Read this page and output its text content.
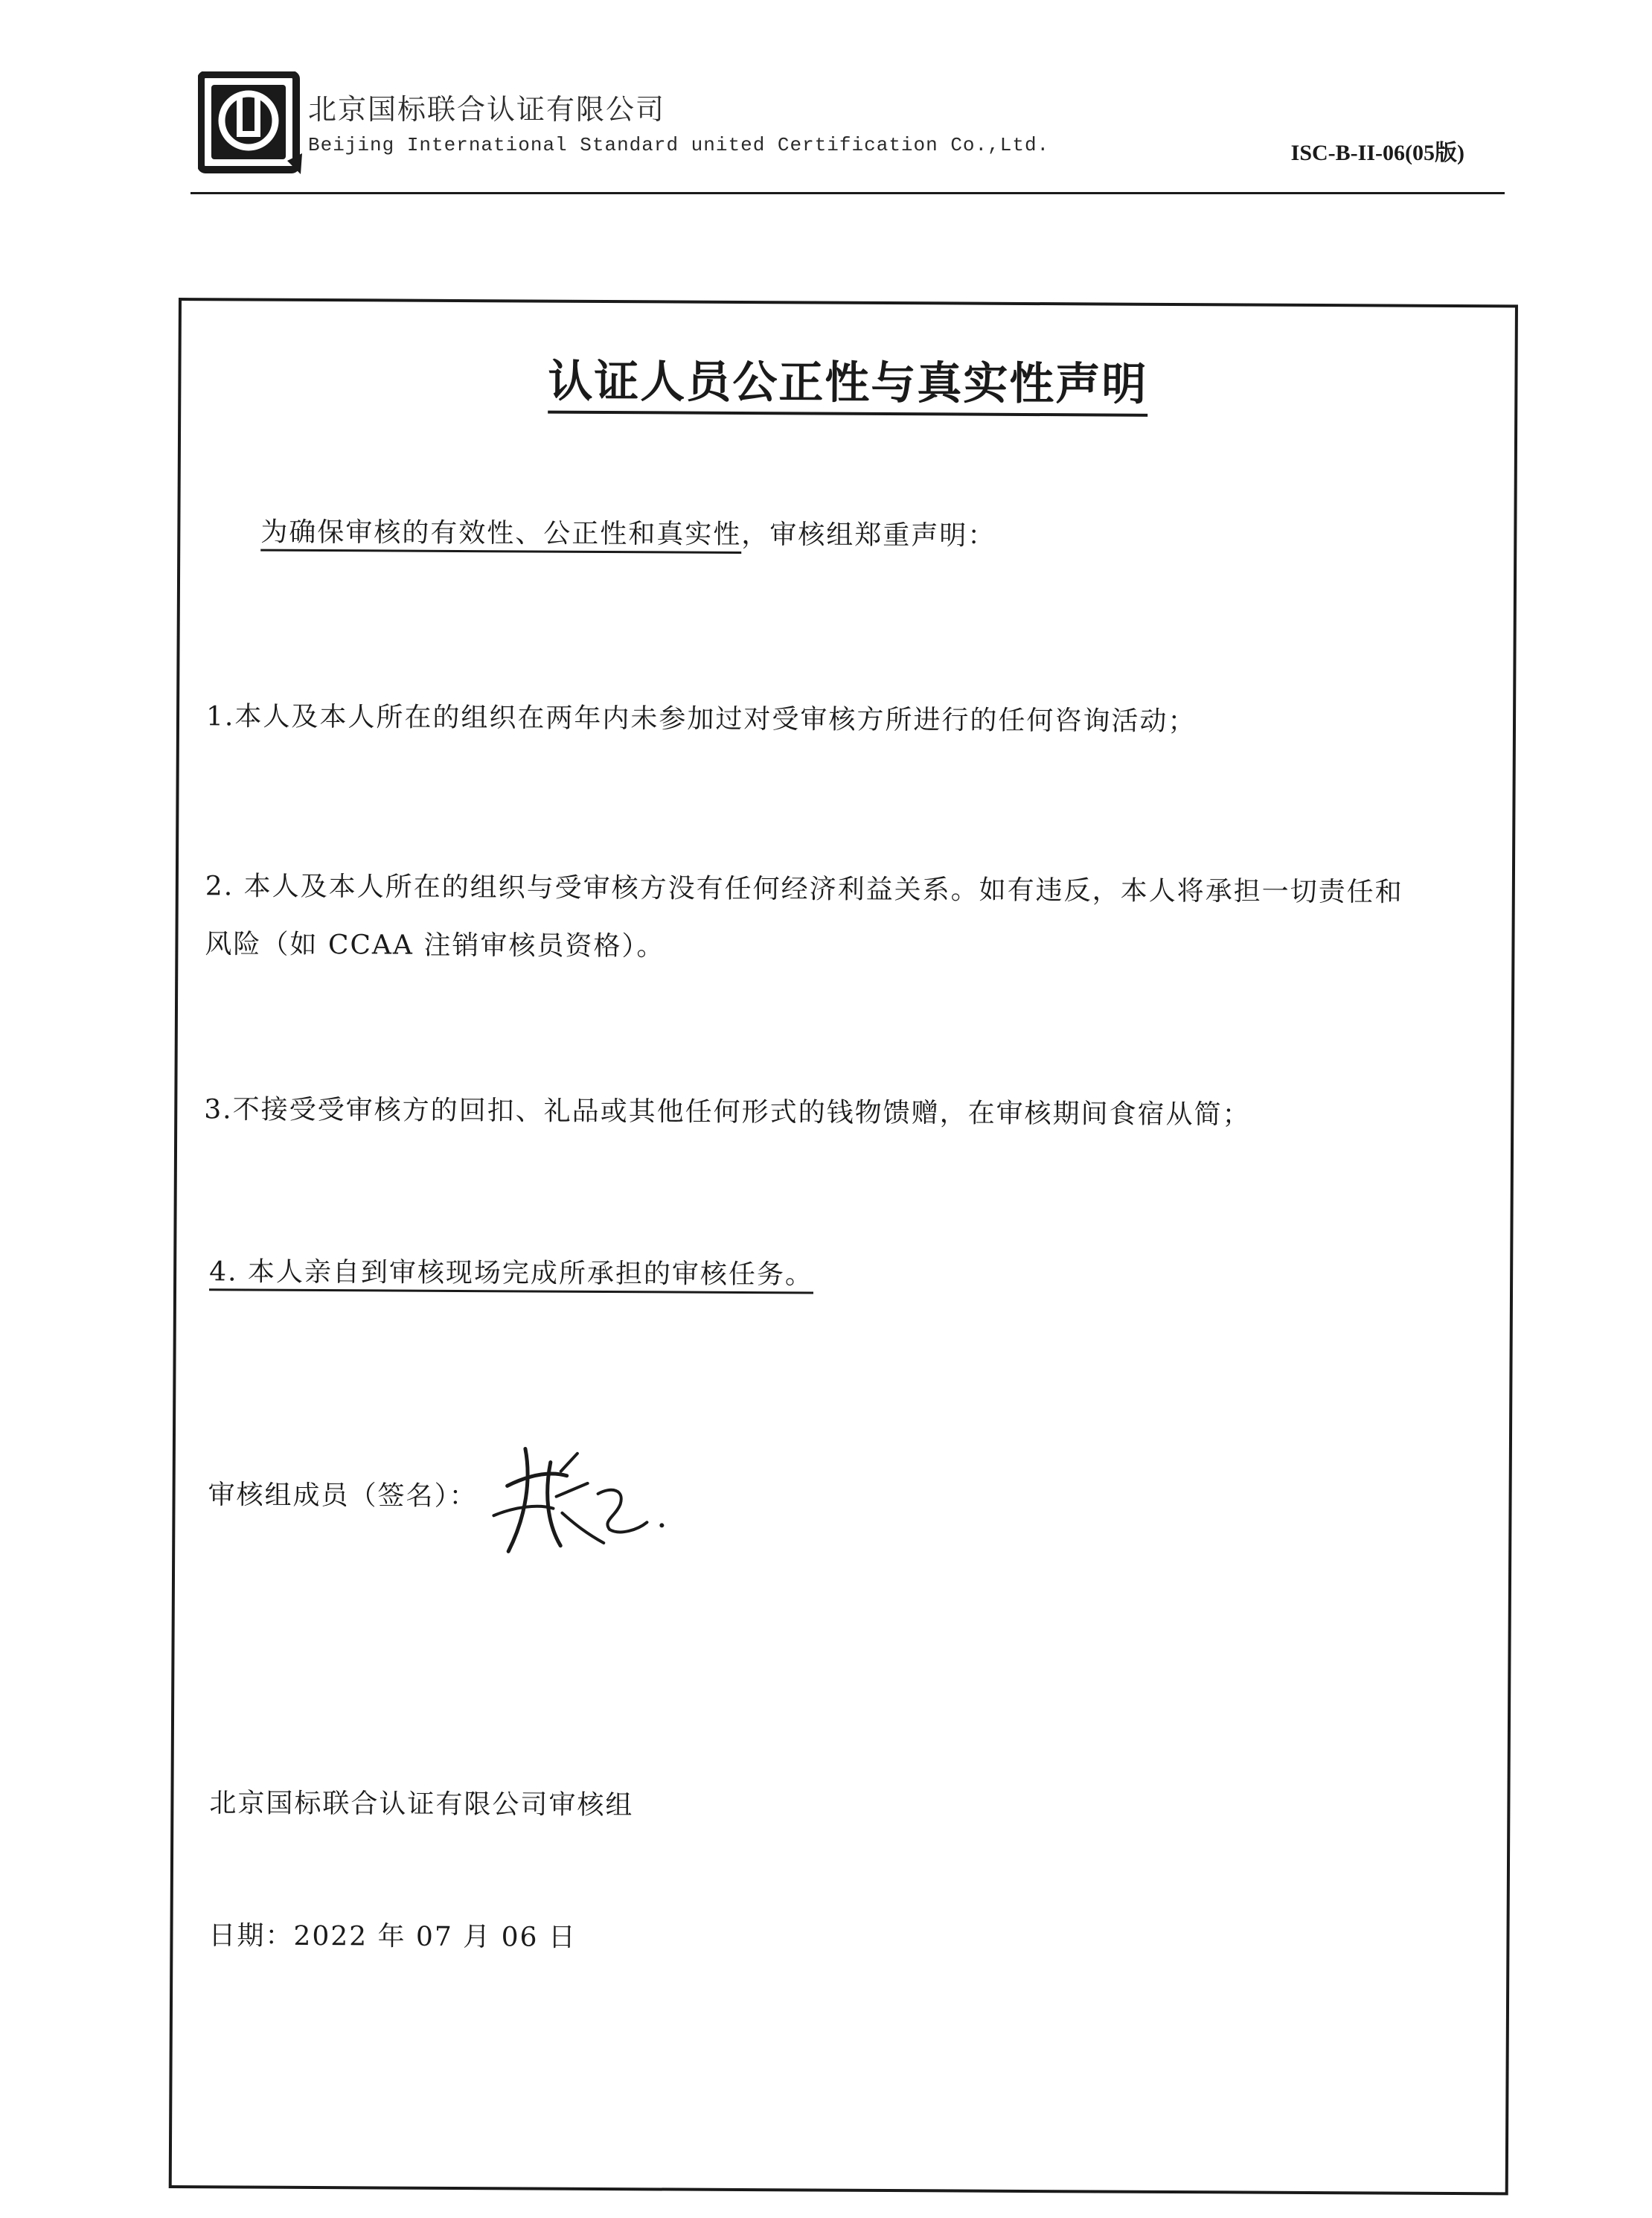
北京国标联合认证有限公司
Beijing International Standard united Certification Co.,Ltd.	ISC-B-II-06(05版)
认证人员公正性与真实性声明
为确保审核的有效性、公正性和真实性，审核组郑重声明：
1.本人及本人所在的组织在两年内未参加过对受审核方所进行的任何咨询活动；
2. 本人及本人所在的组织与受审核方没有任何经济利益关系。如有违反，本人将承担一切责任和
风险（如 CCAA 注销审核员资格）。
3.不接受受审核方的回扣、礼品或其他任何形式的钱物馈赠，在审核期间食宿从简；
4. 本人亲自到审核现场完成所承担的审核任务。
审核组成员（签名）：
北京国标联合认证有限公司审核组
日期：2022 年 07 月 06 日
